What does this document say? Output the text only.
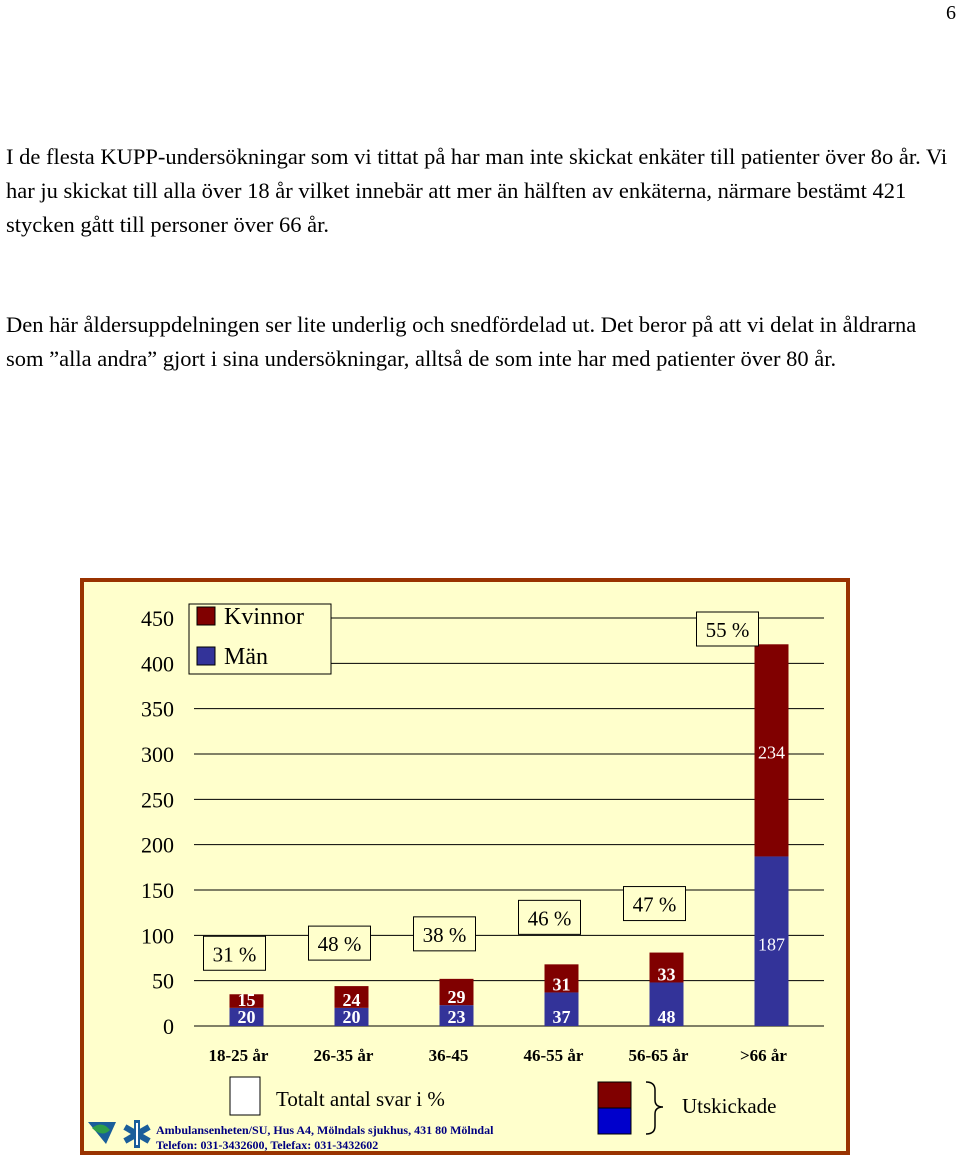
6

I de flesta KUPP-undersökningar som vi tittat på har man inte skickat enkäter till patienter över 8o år. Vi har ju skickat till alla över 18 år vilket innebär att mer än hälften av enkäterna, närmare bestämt 421 stycken gått till personer över 66 år.

Den här åldersuppdelningen ser lite underlig och snedfördelad ut. Det beror på att vi delat in åldrarna som ”alla andra” gjort i sina undersökningar, alltså de som inte har med patienter över 80 år.

0
50
100
150
200
250
300
350
400
450
20
15
31 %
20
24
48 %
23
29
38 %
37
31
46 %
48
33
47 %
187
234
55 %
18-25 år	26-35 år	36-45	46-55 år	56-65 år	>66 år
Kvinnor
Män
Totalt antal svar i %	Utskickade
Ambulansenheten/SU, Hus A4, Mölndals sjukhus, 431 80 Mölndal
Telefon: 031-3432600, Telefax: 031-3432602
